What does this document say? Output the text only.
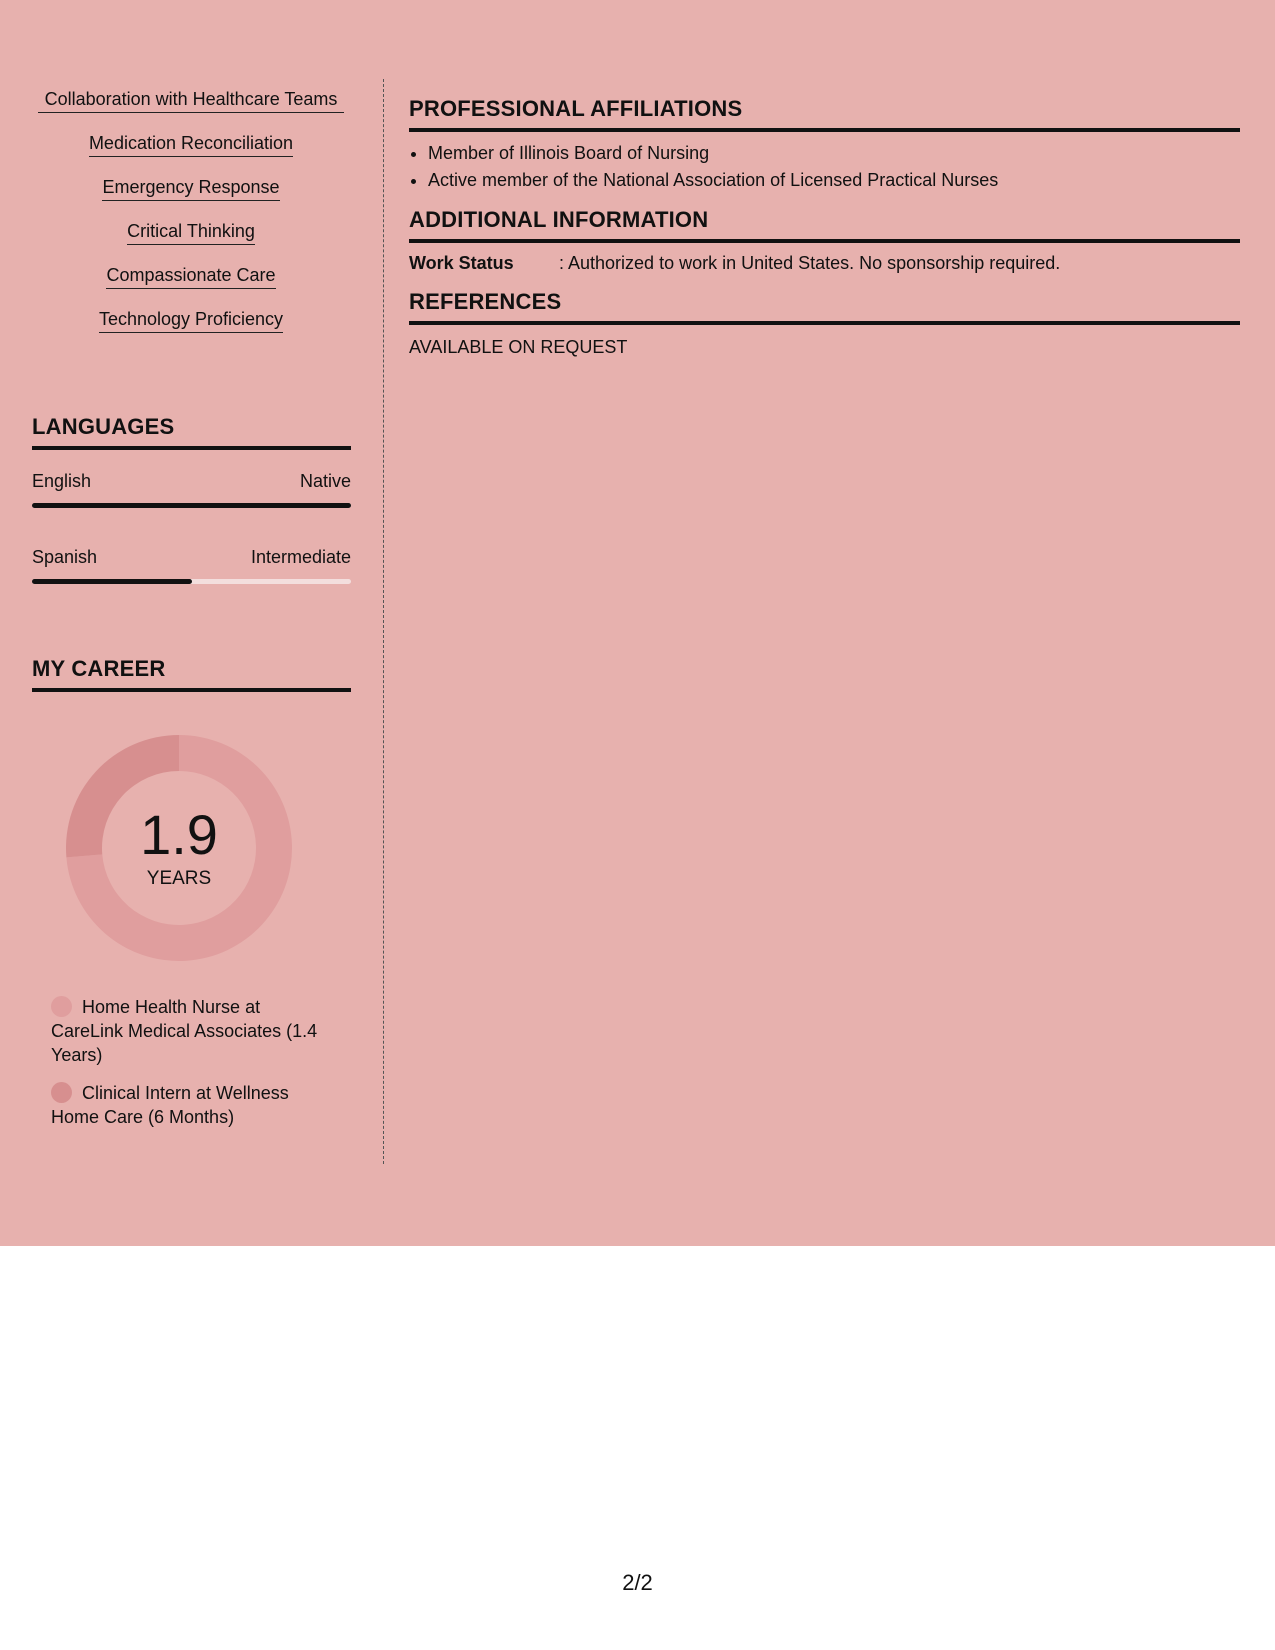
Collaboration with Healthcare Teams
Medication Reconciliation
Emergency Response
Critical Thinking
Compassionate Care
Technology Proficiency
LANGUAGES
English	Native
Spanish	Intermediate
MY CAREER
1.9
YEARS
Home Health Nurse at CareLink Medical Associates (1.4 Years)
Clinical Intern at Wellness Home Care (6 Months)
PROFESSIONAL AFFILIATIONS
• Member of Illinois Board of Nursing
• Active member of the National Association of Licensed Practical Nurses
ADDITIONAL INFORMATION
Work Status	: Authorized to work in United States. No sponsorship required.
REFERENCES
AVAILABLE ON REQUEST
2/2
